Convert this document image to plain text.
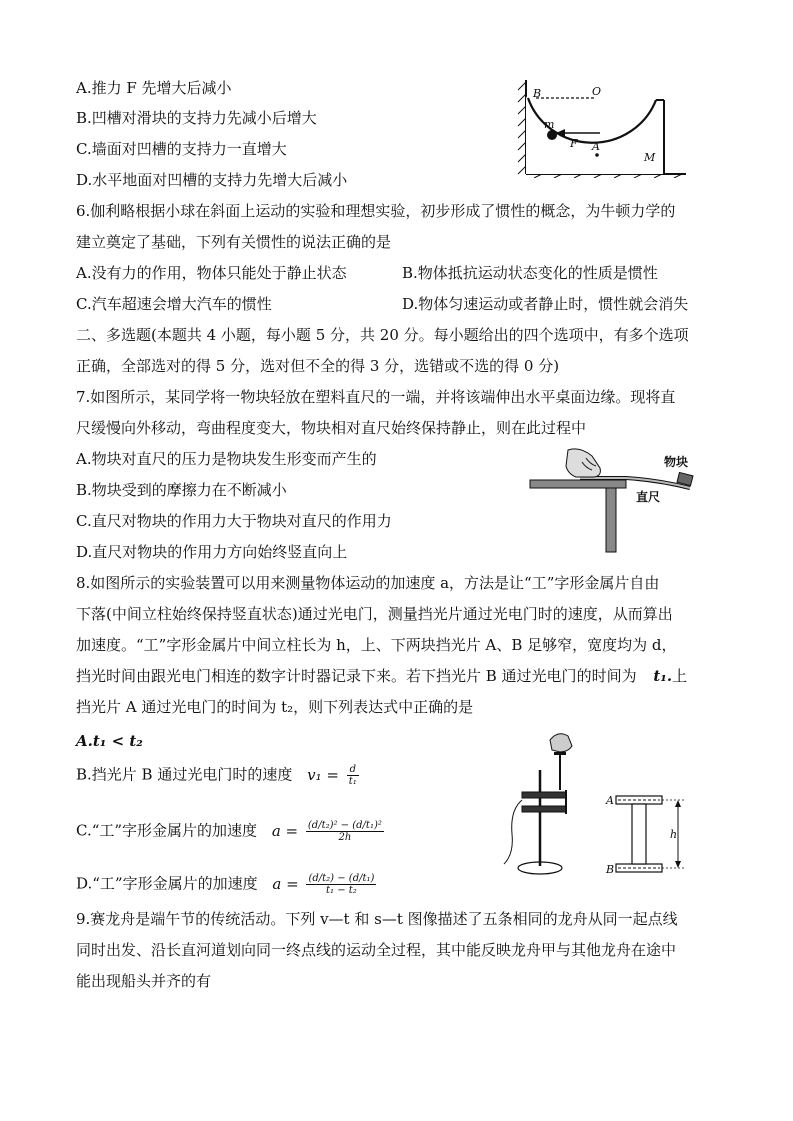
A.推力 F 先增大后减小
B.凹槽对滑块的支持力先减小后增大
C.墙面对凹槽的支持力一直增大
D.水平地面对凹槽的支持力先增大后减小
B	O
m
F A
M
6.伽利略根据小球在斜面上运动的实验和理想实验，初步形成了惯性的概念，为牛顿力学的
建立奠定了基础，下列有关惯性的说法正确的是
A.没有力的作用，物体只能处于静止状态	B.物体抵抗运动状态变化的性质是惯性
C.汽车超速会增大汽车的惯性	D.物体匀速运动或者静止时，惯性就会消失
二、多选题(本题共 4 小题，每小题 5 分，共 20 分。每小题给出的四个选项中，有多个选项
正确，全部选对的得 5 分，选对但不全的得 3 分，选错或不选的得 0 分)
7.如图所示，某同学将一物块轻放在塑料直尺的一端，并将该端伸出水平桌面边缘。现将直
尺缓慢向外移动，弯曲程度变大，物块相对直尺始终保持静止，则在此过程中
A.物块对直尺的压力是物块发生形变而产生的
B.物块受到的摩擦力在不断减小
C.直尺对物块的作用力大于物块对直尺的作用力
D.直尺对物块的作用力方向始终竖直向上
物块
直尺
8.如图所示的实验装置可以用来测量物体运动的加速度 a，方法是让“工”字形金属片自由
下落(中间立柱始终保持竖直状态)通过光电门，测量挡光片通过光电门时的速度，从而算出
加速度。“工”字形金属片中间立柱长为 h，上、下两块挡光片 A、B 足够窄，宽度均为 d，
挡光时间由跟光电门相连的数字计时器记录下来。若下挡光片 B 通过光电门的时间为 t₁.上
挡光片 A 通过光电门的时间为 t₂，则下列表达式中正确的是
A.t₁ < t₂
B.挡光片 B 通过光电门时的速度 $v_1 = \frac{d}{\text{t₁}}$
C.“工”字形金属片的加速度 $a = \frac{\text{(d/t₂)² − (d/t₁)²}}{2h}$
D.“工”字形金属片的加速度 $a = \frac{\text{(d/t₂) − (d/t₁)}}{\text{t₁ − t₂}}$
A
B
h
9.赛龙舟是端午节的传统活动。下列 v—t 和 s—t 图像描述了五条相同的龙舟从同一起点线
同时出发、沿长直河道划向同一终点线的运动全过程，其中能反映龙舟甲与其他龙舟在途中
能出现船头并齐的有
